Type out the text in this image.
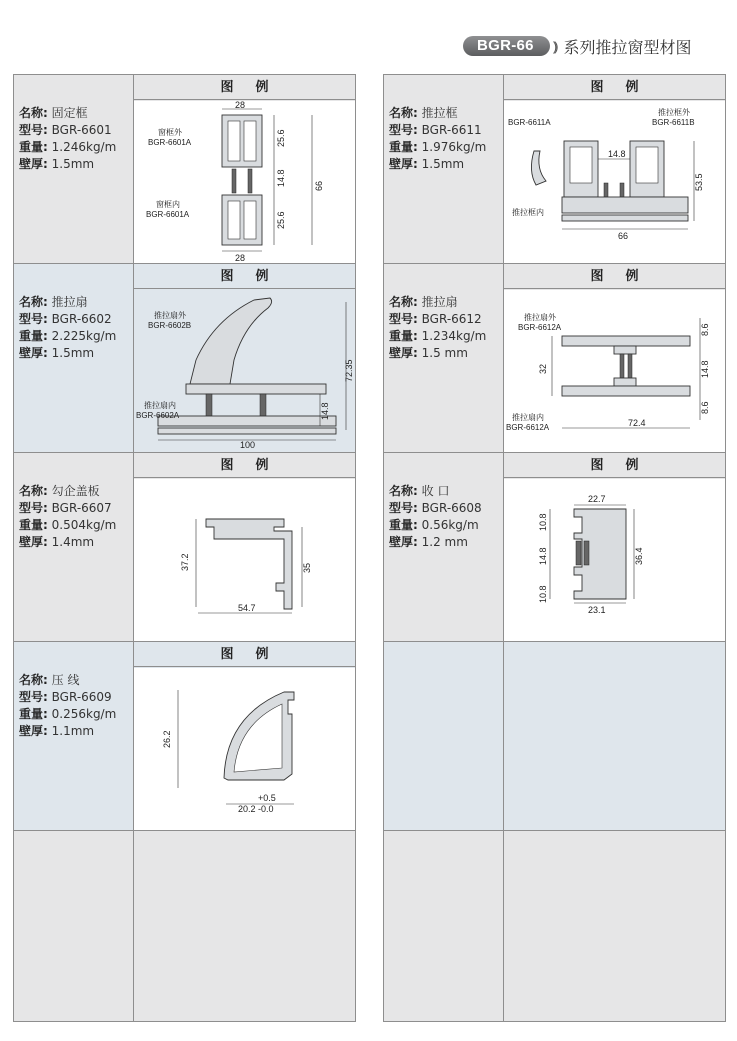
BGR-66	)) 系列推拉窗型材图
名称: 固定框
型号: BGR-6601
重量: 1.246kg/m
壁厚: 1.5mm
图例
28
28
25.6
14.8
25.6
66
窗框外
BGR-6601A
窗框内
BGR-6601A
名称: 推拉扇
型号: BGR-6602
重量: 2.225kg/m
壁厚: 1.5mm
图例
100
72.35
14.8
推拉扇外
BGR-6602B
推拉扇内
BGR-6602A
名称: 勾企盖板
型号: BGR-6607
重量: 0.504kg/m
壁厚: 1.4mm
图例
37.2	35
54.7
名称: 压 线
型号: BGR-6609
重量: 0.256kg/m
壁厚: 1.1mm
图例
26.2
+0.5
20.2 -0.0
名称: 推拉框
型号: BGR-6611
重量: 1.976kg/m
壁厚: 1.5mm
图例
14.8
53.5
66
BGR-6611A
推拉框外
BGR-6611B
推拉框内
名称: 推拉扇
型号: BGR-6612
重量: 1.234kg/m
壁厚: 1.5 mm
图例
32
8.6
14.8
8.6
72.4
推拉扇外
BGR-6612A
推拉扇内
BGR-6612A
名称: 收 口
型号: BGR-6608
重量: 0.56kg/m
壁厚: 1.2 mm
图例
22.7
10.8
14.8
10.8
36.4
23.1
